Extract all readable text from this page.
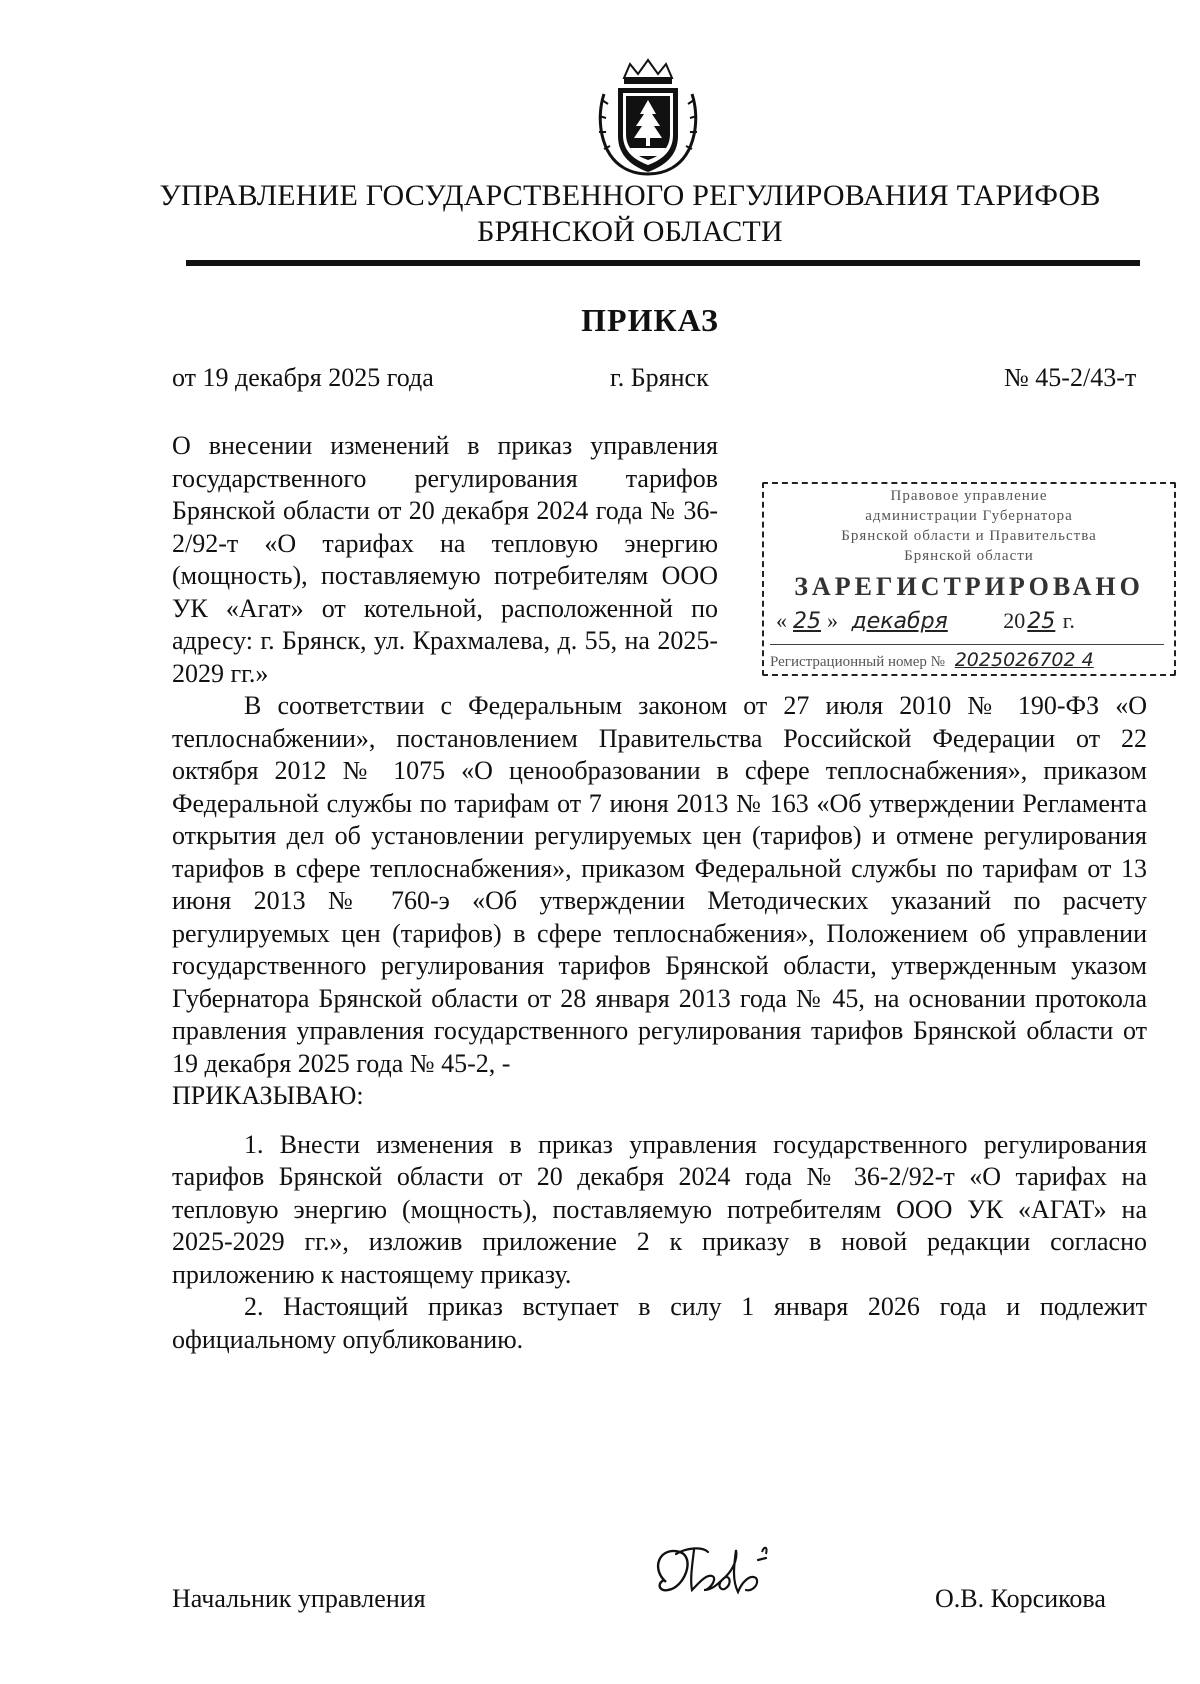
УПРАВЛЕНИЕ ГОСУДАРСТВЕННОГО РЕГУЛИРОВАНИЯ ТАРИФОВ
БРЯНСКОЙ ОБЛАСТИ
ПРИКАЗ
от 19 декабря 2025 года	г. Брянск	№ 45-2/43-т
О внесении изменений в приказ управления государственного регулирования тарифов Брянской области от 20 декабря 2024 года № 36-2/92-т «О тарифах на тепловую энергию (мощность), поставляемую потребителям ООО УК «Агат» от котельной, расположенной по адресу: г. Брянск, ул. Крахмалева, д. 55, на 2025-2029 гг.»
Правовое управление
администрации Губернатора
Брянской области и Правительства
Брянской области
ЗАРЕГИСТРИРОВАНО
« 25 » декабря	2025 г.
Регистрационный номер № 2025026702 4

В соответствии с Федеральным законом от 27 июля 2010 № 190-ФЗ «О теплоснабжении», постановлением Правительства Российской Федерации от 22 октября 2012 № 1075 «О ценообразовании в сфере теплоснабжения», приказом Федеральной службы по тарифам от 7 июня 2013 № 163 «Об утверждении Регламента открытия дел об установлении регулируемых цен (тарифов) и отмене регулирования тарифов в сфере теплоснабжения», приказом Федеральной службы по тарифам от 13 июня 2013 № 760-э «Об утверждении Методических указаний по расчету регулируемых цен (тарифов) в сфере теплоснабжения», Положением об управлении государственного регулирования тарифов Брянской области, утвержденным указом Губернатора Брянской области от 28 января 2013 года № 45, на основании протокола правления управления государственного регулирования тарифов Брянской области от 19 декабря 2025 года № 45-2, -

ПРИКАЗЫВАЮ:

1. Внести изменения в приказ управления государственного регулирования тарифов Брянской области от 20 декабря 2024 года № 36-2/92-т «О тарифах на тепловую энергию (мощность), поставляемую потребителям ООО УК «АГАТ» на 2025-2029 гг.», изложив приложение 2 к приказу в новой редакции согласно приложению к настоящему приказу.

2. Настоящий приказ вступает в силу 1 января 2026 года и подлежит официальному опубликованию.

Начальник управления	О.В. Корсикова
